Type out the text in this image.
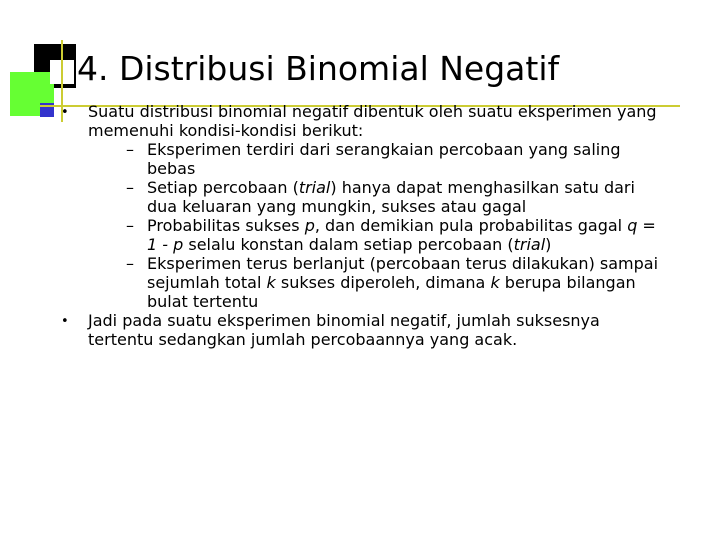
4. Distribusi Binomial Negatif
• Suatu distribusi binomial negatif dibentuk oleh suatu eksperimen yang memenuhi kondisi-kondisi berikut:
– Eksperimen terdiri dari serangkaian percobaan yang saling bebas
– Setiap percobaan (trial) hanya dapat menghasilkan satu dari dua keluaran yang mungkin, sukses atau gagal
– Probabilitas sukses p, dan demikian pula probabilitas gagal q = 1 - p selalu konstan dalam setiap percobaan (trial)
– Eksperimen terus berlanjut (percobaan terus dilakukan) sampai sejumlah total k sukses diperoleh, dimana k berupa bilangan bulat tertentu
• Jadi pada suatu eksperimen binomial negatif, jumlah suksesnya tertentu sedangkan jumlah percobaannya yang acak.
